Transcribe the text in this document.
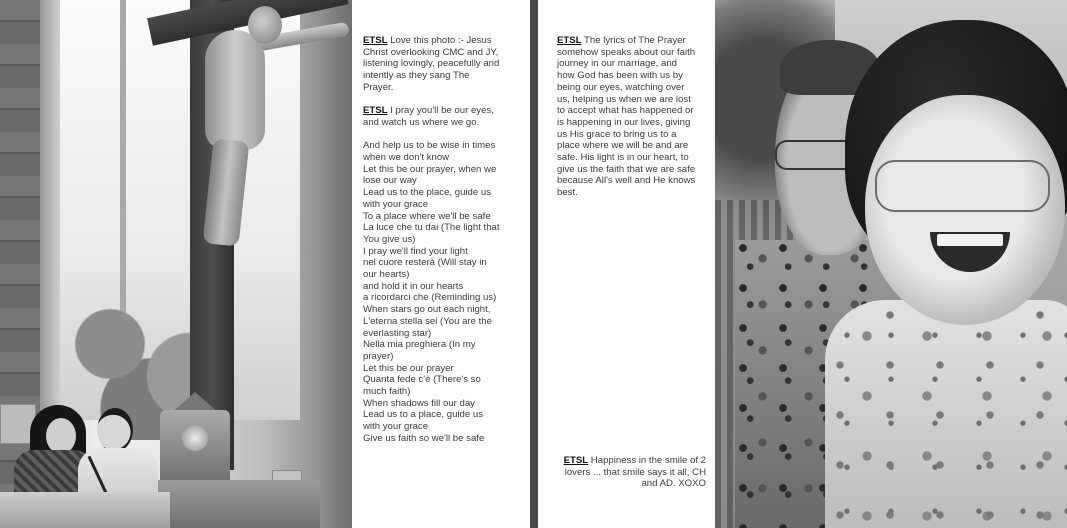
ETSL Love this photo :- Jesus Christ overlooking CMC and JY, listening lovingly, peacefully and intently as they sang The Prayer.

ETSL I pray you'll be our eyes, and watch us where we go.

And help us to be wise in times when we don't know

Let this be our prayer, when we lose our way

Lead us to the place, guide us with your grace

To a place where we'll be safe

La luce che tu dai (The light that You give us)

I pray we'll find your light

nel cuore resterà (Will stay in our hearts)

and hold it in our hearts

a ricordarci che (Reminding us)

When stars go out each night,

L'eterna stella sei (You are the everlasting star)

Nella mia preghiera (In my prayer)

Let this be our prayer

Quanta fede c'è (There's so much faith)

When shadows fill our day

Lead us to a place, guide us with your grace

Give us faith so we'll be safe

ETSL The lyrics of The Prayer somehow speaks about our faith journey in our marriage, and how God has been with us by being our eyes, watching over us, helping us when we are lost to accept what has happened or is happening in our lives, giving us His grace to bring us to a place where we will be and are safe. His light is in our heart, to give us the faith that we are safe because All's well and He knows best.

ETSL Happiness in the smile of 2 lovers ... that smile says it all, CH and AD. XOXO
